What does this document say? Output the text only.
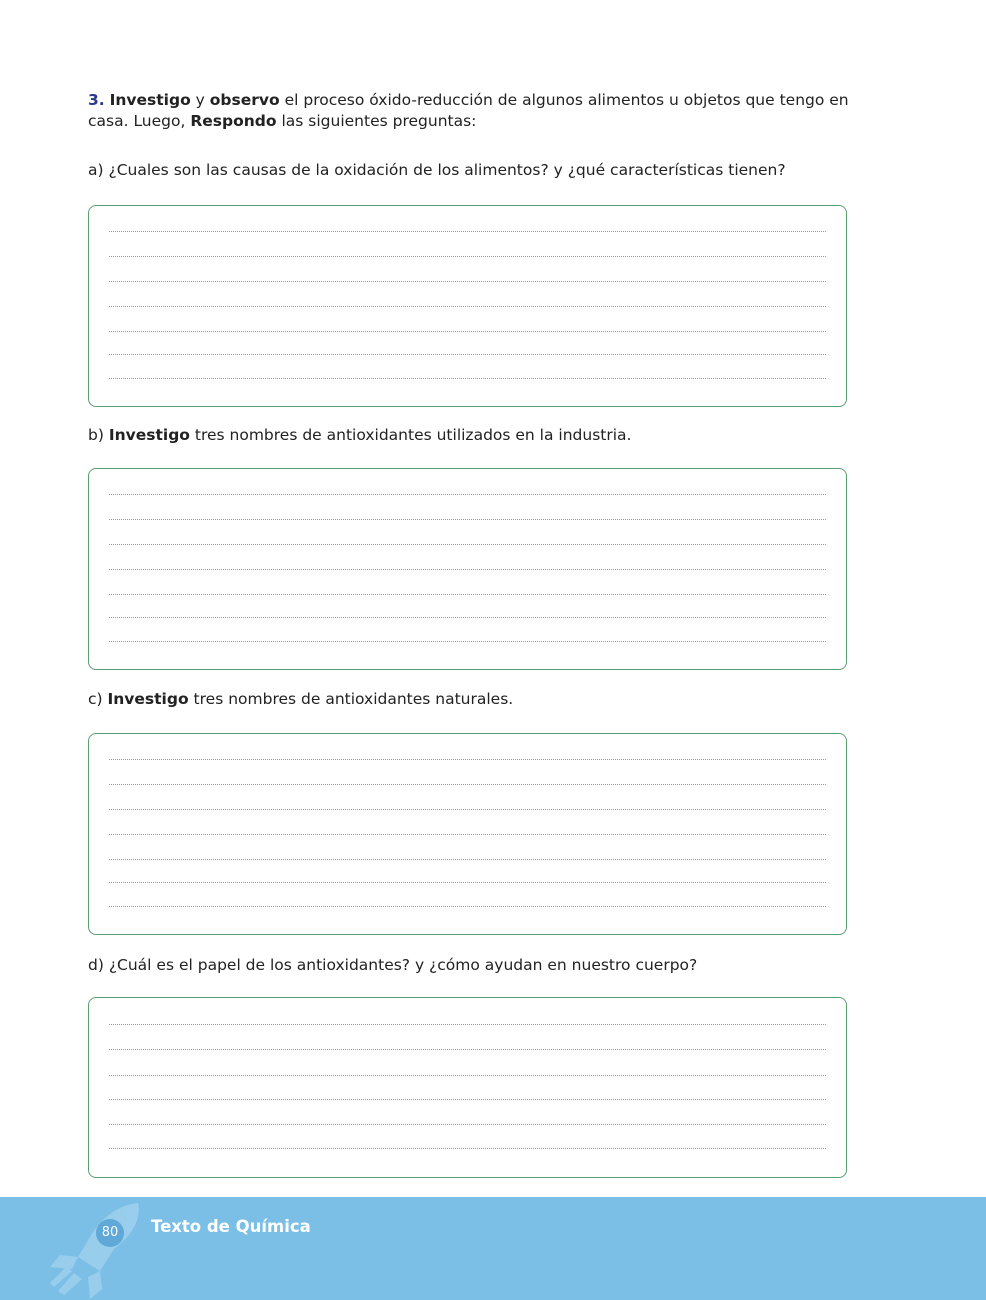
3. Investigo y observo el proceso óxido-reducción de algunos alimentos u objetos que tengo en casa. Luego, Respondo las siguientes preguntas:

a) ¿Cuales son las causas de la oxidación de los alimentos? y ¿qué características tienen?

b) Investigo tres nombres de antioxidantes utilizados en la industria.

c) Investigo tres nombres de antioxidantes naturales.

d) ¿Cuál es el papel de los antioxidantes? y ¿cómo ayudan en nuestro cuerpo?

80	Texto de Química
